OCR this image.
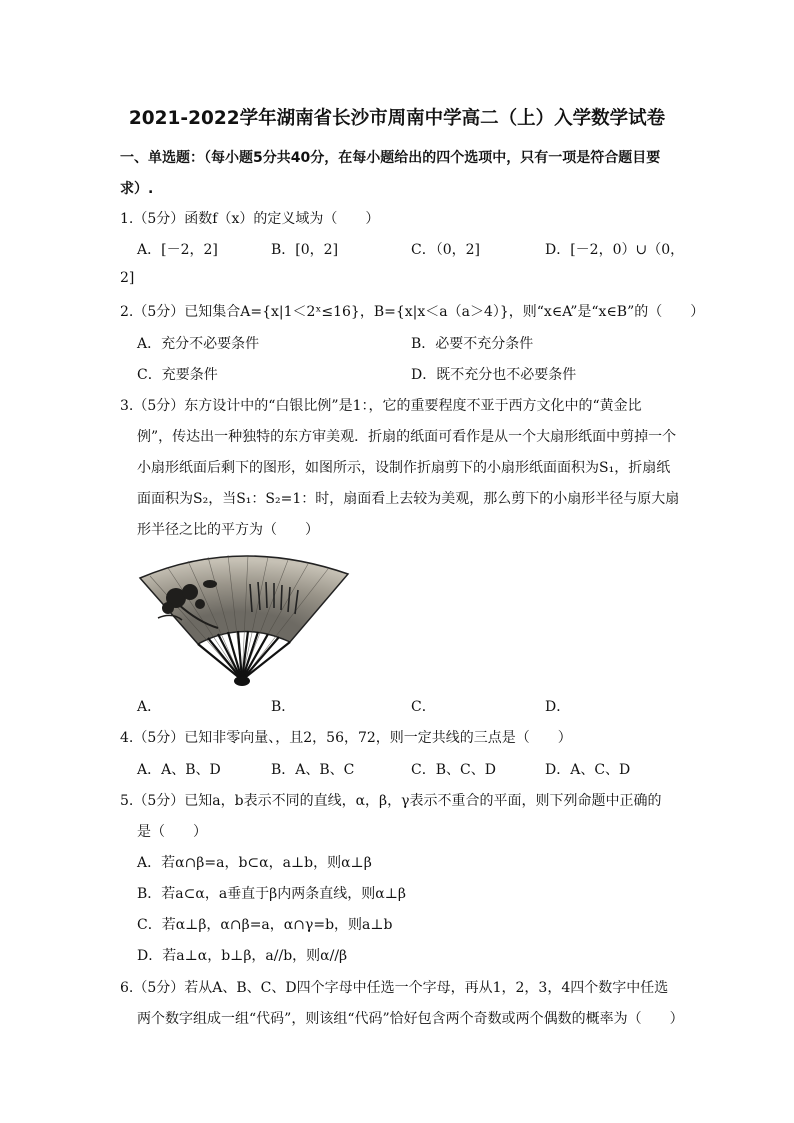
2021-2022学年湖南省长沙市周南中学高二（上）入学数学试卷
一、单选题：（每小题5分共40分，在每小题给出的四个选项中，只有一项是符合题目要
求）.
1.（5分）函数f（x）的定义域为（　　）
A．[－2，2]	B．[0，2]	C．（0，2]	D．[－2，0）∪（0，
2]
2.（5分）已知集合A={x|1＜2ˣ≤16}，B={x|x＜a（a＞4）}，则“x∈A”是“x∈B”的（　　）
A．充分不必要条件	B．必要不充分条件
C．充要条件	D．既不充分也不必要条件
3.（5分）东方设计中的“白银比例”是1：，它的重要程度不亚于西方文化中的“黄金比
例”，传达出一种独特的东方审美观．折扇的纸面可看作是从一个大扇形纸面中剪掉一个
小扇形纸面后剩下的图形，如图所示，设制作折扇剪下的小扇形纸面面积为S₁，折扇纸
面面积为S₂，当S₁：S₂=1：时，扇面看上去较为美观，那么剪下的小扇形半径与原大扇
形半径之比的平方为（　　）
A．	B．	C．	D．
4.（5分）已知非零向量、，且2，56，72，则一定共线的三点是（　　）
A．A、B、D	B．A、B、C	C．B、C、D	D．A、C、D
5.（5分）已知a，b表示不同的直线，α，β，γ表示不重合的平面，则下列命题中正确的
是（　　）
A．若α∩β=a，b⊂α，a⊥b，则α⊥β
B．若a⊂α，a垂直于β内两条直线，则α⊥β
C．若α⊥β，α∩β=a，α∩γ=b，则a⊥b
D．若a⊥α，b⊥β，a//b，则α//β
6.（5分）若从A、B、C、D四个字母中任选一个字母，再从1，2，3，4四个数字中任选
两个数字组成一组“代码”，则该组“代码”恰好包含两个奇数或两个偶数的概率为（　　）
